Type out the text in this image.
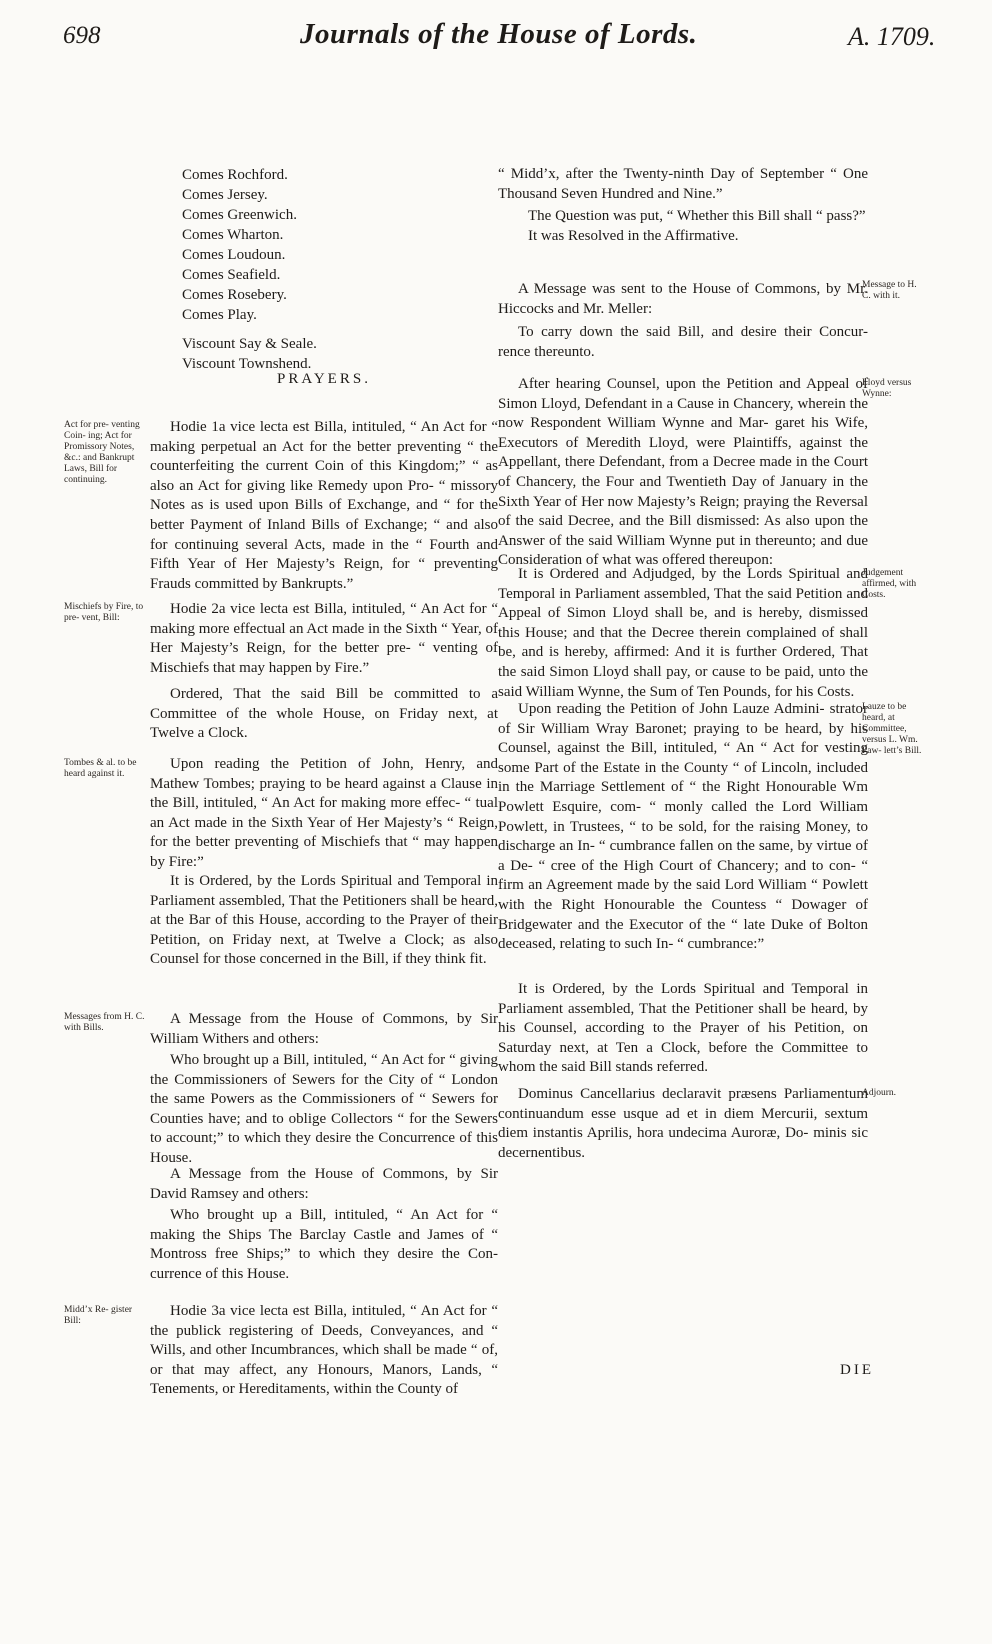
698	Journals of the House of Lords.	A. 1709.
Comes Rochford.
Comes Jersey.
Comes Greenwich.
Comes Wharton.
Comes Loudoun.
Comes Seafield.
Comes Rosebery.
Comes Play.
Viscount Say & Seale.
Viscount Townshend.

PRAYERS.

Hodie 1a vice lecta est Billa, intituled, “ An Act for “ making perpetual an Act for the better preventing “ the counterfeiting the current Coin of this Kingdom;” “ as also an Act for giving like Remedy upon Pro- “ missory Notes as is used upon Bills of Exchange, and “ for the better Payment of Inland Bills of Exchange; “ and also for continuing several Acts, made in the “ Fourth and Fifth Year of Her Majesty’s Reign, for “ preventing Frauds committed by Bankrupts.”

Hodie 2a vice lecta est Billa, intituled, “ An Act for “ making more effectual an Act made in the Sixth “ Year, of Her Majesty’s Reign, for the better pre- “ venting of Mischiefs that may happen by Fire.”

Ordered, That the said Bill be committed to a Committee of the whole House, on Friday next, at Twelve a Clock.

Upon reading the Petition of John, Henry, and Mathew Tombes; praying to be heard against a Clause in the Bill, intituled, “ An Act for making more effec- “ tual an Act made in the Sixth Year of Her Majesty’s “ Reign, for the better preventing of Mischiefs that “ may happen by Fire:”

It is Ordered, by the Lords Spiritual and Temporal in Parliament assembled, That the Petitioners shall be heard, at the Bar of this House, according to the Prayer of their Petition, on Friday next, at Twelve a Clock; as also Counsel for those concerned in the Bill, if they think fit.

A Message from the House of Commons, by Sir William Withers and others:

Who brought up a Bill, intituled, “ An Act for “ giving the Commissioners of Sewers for the City of “ London the same Powers as the Commissioners of “ Sewers for Counties have; and to oblige Collectors “ for the Sewers to account;” to which they desire the Concurrence of this House.

A Message from the House of Commons, by Sir David Ramsey and others:

Who brought up a Bill, intituled, “ An Act for “ making the Ships The Barclay Castle and James of “ Montross free Ships;” to which they desire the Con- currence of this House.

Hodie 3a vice lecta est Billa, intituled, “ An Act for “ the publick registering of Deeds, Conveyances, and “ Wills, and other Incumbrances, which shall be made “ of, or that may affect, any Honours, Manors, Lands, “ Tenements, or Hereditaments, within the County of

“ Midd’x, after the Twenty-ninth Day of September “ One Thousand Seven Hundred and Nine.”

The Question was put, “ Whether this Bill shall “ pass?”

It was Resolved in the Affirmative.

A Message was sent to the House of Commons, by Mr. Hiccocks and Mr. Meller:

To carry down the said Bill, and desire their Concur- rence thereunto.

After hearing Counsel, upon the Petition and Appeal of Simon Lloyd, Defendant in a Cause in Chancery, wherein the now Respondent William Wynne and Mar- garet his Wife, Executors of Meredith Lloyd, were Plaintiffs, against the Appellant, there Defendant, from a Decree made in the Court of Chancery, the Four and Twentieth Day of January in the Sixth Year of Her now Majesty’s Reign; praying the Reversal of the said Decree, and the Bill dismissed: As also upon the Answer of the said William Wynne put in thereunto; and due Consideration of what was offered thereupon:

It is Ordered and Adjudged, by the Lords Spiritual and Temporal in Parliament assembled, That the said Petition and Appeal of Simon Lloyd shall be, and is hereby, dismissed this House; and that the Decree therein complained of shall be, and is hereby, affirmed: And it is further Ordered, That the said Simon Lloyd shall pay, or cause to be paid, unto the said William Wynne, the Sum of Ten Pounds, for his Costs.

Upon reading the Petition of John Lauze Admini- strator of Sir William Wray Baronet; praying to be heard, by his Counsel, against the Bill, intituled, “ An “ Act for vesting some Part of the Estate in the County “ of Lincoln, included in the Marriage Settlement of “ the Right Honourable Wm Powlett Esquire, com- “ monly called the Lord William Powlett, in Trustees, “ to be sold, for the raising Money, to discharge an In- “ cumbrance fallen on the same, by virtue of a De- “ cree of the High Court of Chancery; and to con- “ firm an Agreement made by the said Lord William “ Powlett with the Right Honourable the Countess “ Dowager of Bridgewater and the Executor of the “ late Duke of Bolton deceased, relating to such In- “ cumbrance:”

It is Ordered, by the Lords Spiritual and Temporal in Parliament assembled, That the Petitioner shall be heard, by his Counsel, according to the Prayer of his Petition, on Saturday next, at Ten a Clock, before the Committee to whom the said Bill stands referred.

Dominus Cancellarius declaravit præsens Parliamentum continuandum esse usque ad et in diem Mercurii, sextum diem instantis Aprilis, hora undecima Auroræ, Do- minis sic decernentibus.

Act for pre- venting Coin- ing; Act for Promissory Notes, &c.: and Bankrupt Laws, Bill for continuing.
Mischiefs by Fire, to pre- vent, Bill:
Tombes & al. to be heard against it.
Messages from H. C. with Bills.
Midd’x Re- gister Bill:
Message to H. C. with it.
Lloyd versus Wynne:
Judgement affirmed, with Costs.
Lauze to be heard, at Committee, versus L. Wm. Paw- lett’s Bill.
Adjourn.
DIE
